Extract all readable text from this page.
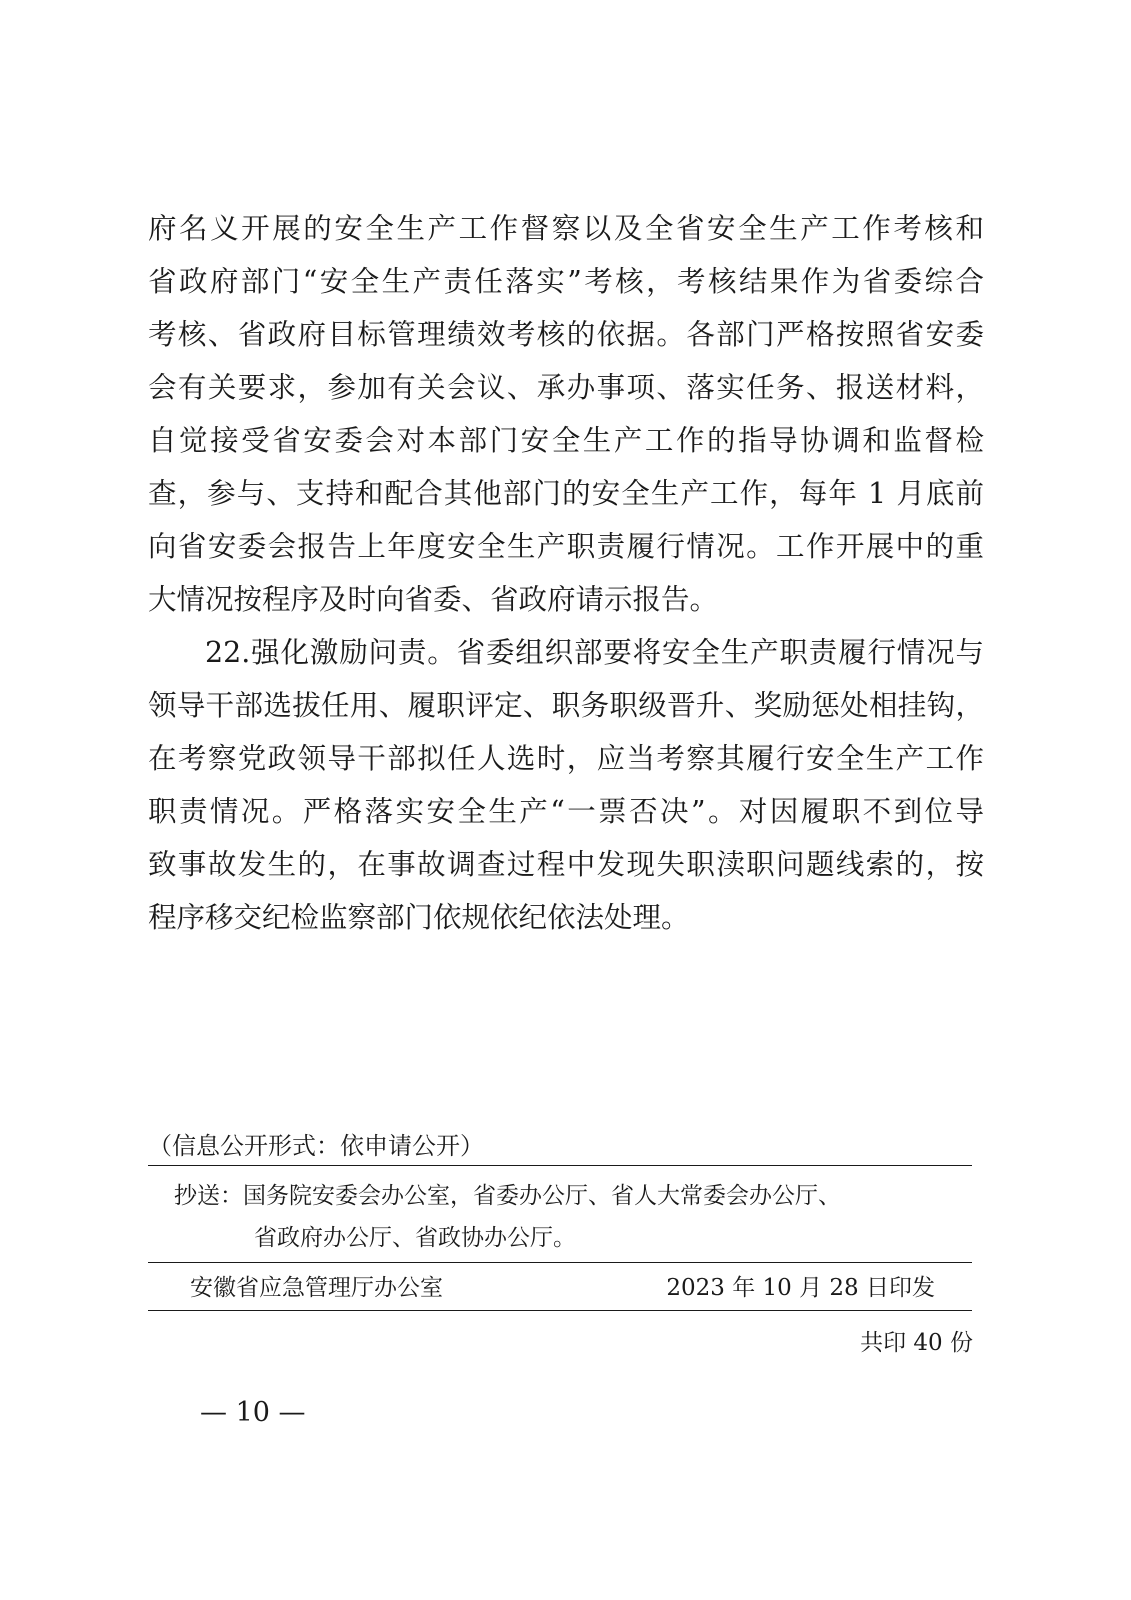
府名义开展的安全生产工作督察以及全省安全生产工作考核和
省政府部门“安全生产责任落实”考核，考核结果作为省委综合
考核、省政府目标管理绩效考核的依据。各部门严格按照省安委
会有关要求，参加有关会议、承办事项、落实任务、报送材料，
自觉接受省安委会对本部门安全生产工作的指导协调和监督检
查，参与、支持和配合其他部门的安全生产工作，每年 1 月底前
向省安委会报告上年度安全生产职责履行情况。工作开展中的重
大情况按程序及时向省委、省政府请示报告。
22.强化激励问责。省委组织部要将安全生产职责履行情况与
领导干部选拔任用、履职评定、职务职级晋升、奖励惩处相挂钩，
在考察党政领导干部拟任人选时，应当考察其履行安全生产工作
职责情况。严格落实安全生产“一票否决”。对因履职不到位导
致事故发生的，在事故调查过程中发现失职渎职问题线索的，按
程序移交纪检监察部门依规依纪依法处理。
（信息公开形式：依申请公开）
抄送：国务院安委会办公室，省委办公厅、省人大常委会办公厅、
省政府办公厅、省政协办公厅。
安徽省应急管理厅办公室	2023 年 10 月 28 日印发
共印 40 份
— 10 —
